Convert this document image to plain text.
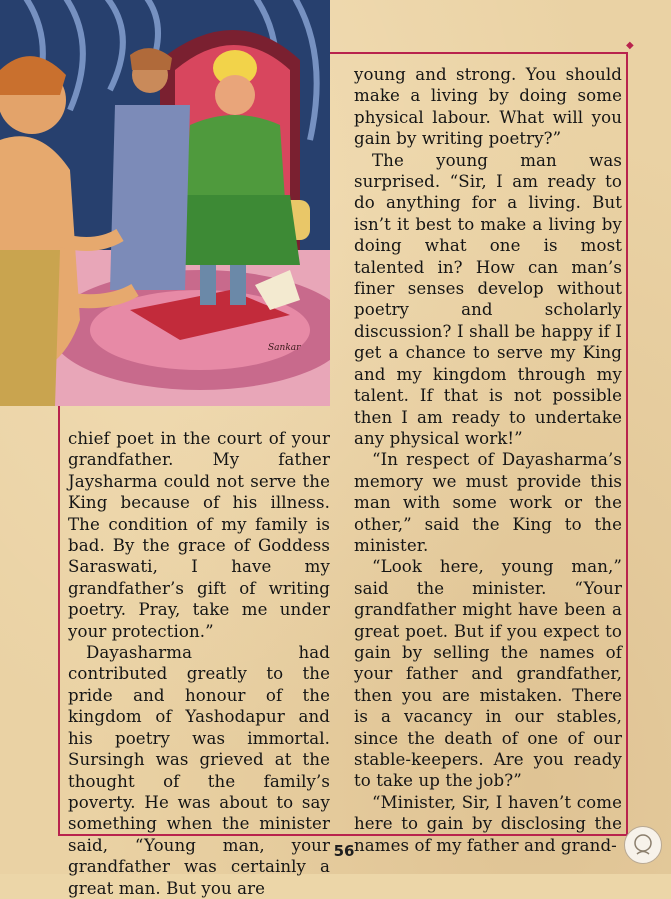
◆
Sankar

young and strong. You should make a living by doing some physical labour. What will you gain by writing poetry?”

The young man was surprised. “Sir, I am ready to do anything for a living. But isn’t it best to make a living by doing what one is most talented in? How can man’s finer senses develop without poetry and scholarly discussion? I shall be happy if I get a chance to serve my King and my kingdom through my talent. If that is not possible then I am ready to undertake any physical work!”

“In respect of Dayasharma’s memory we must provide this man with some work or the other,” said the King to the minister.

“Look here, young man,” said the minister. “Your grandfather might have been a great poet. But if you expect to gain by selling the names of your father and grandfather, then you are mistaken. There is a vacancy in our stables, since the death of one of our stable-keepers. Are you ready to take up the job?”

“Minister, Sir, I haven’t come here to gain by disclosing the names of my father and grand-

chief poet in the court of your grandfather. My father Jaysharma could not serve the King because of his illness. The condition of my family is bad. By the grace of Goddess Saraswati, I have my grandfather’s gift of writing poetry. Pray, take me under your protection.”

Dayasharma had contributed greatly to the pride and honour of the kingdom of Yashodapur and his poetry was immortal. Sursingh was grieved at the thought of the family’s poverty. He was about to say something when the minister said, “Young man, your grandfather was certainly a great man. But you are

56
